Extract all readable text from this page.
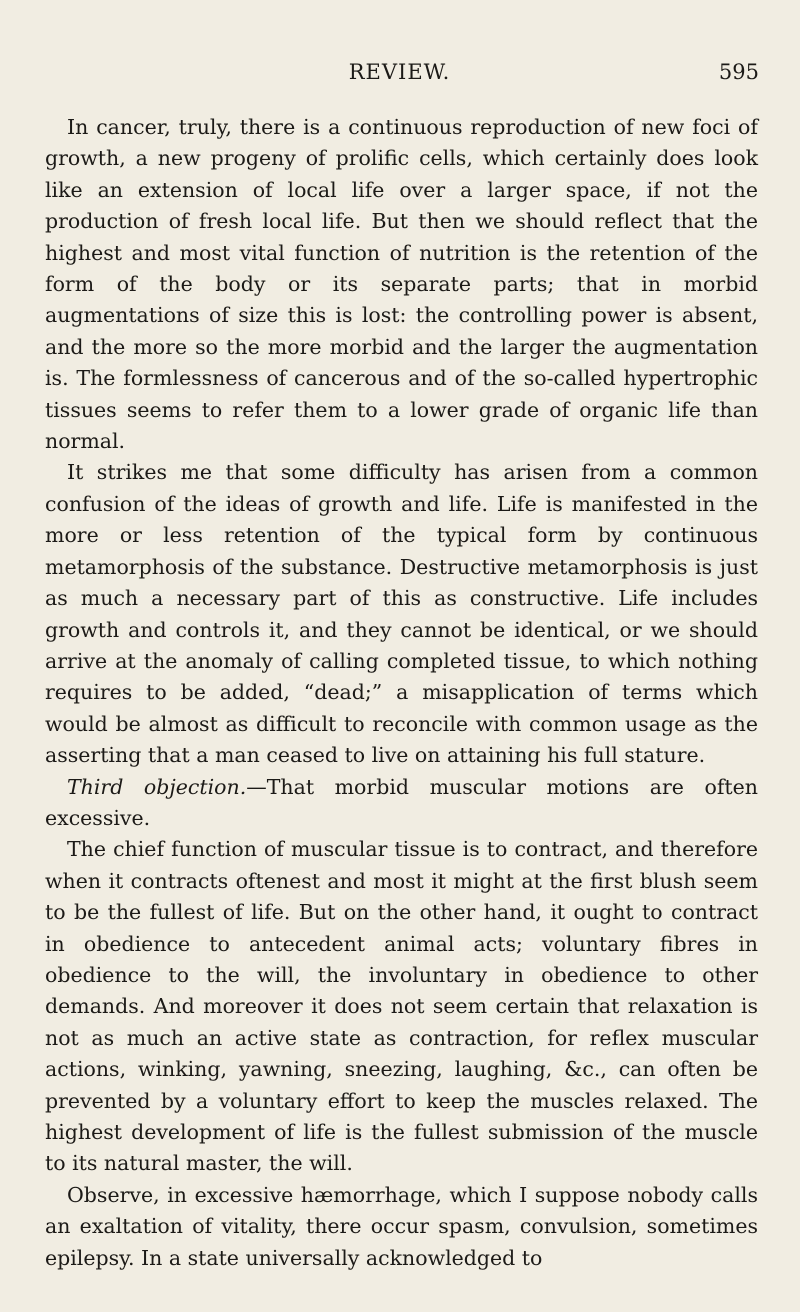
REVIEW.	595

In cancer, truly, there is a continuous reproduction of new foci of growth, a new progeny of prolific cells, which certainly does look like an extension of local life over a larger space, if not the production of fresh local life. But then we should reflect that the highest and most vital function of nutrition is the retention of the form of the body or its separate parts; that in morbid augmentations of size this is lost: the controlling power is absent, and the more so the more morbid and the larger the augmentation is. The formlessness of cancerous and of the so-called hypertrophic tissues seems to refer them to a lower grade of organic life than normal.

It strikes me that some difficulty has arisen from a common confusion of the ideas of growth and life. Life is manifested in the more or less retention of the typical form by continuous metamorphosis of the substance. Destructive metamorphosis is just as much a necessary part of this as constructive. Life includes growth and controls it, and they cannot be identical, or we should arrive at the anomaly of calling completed tissue, to which nothing requires to be added, “dead;” a misapplication of terms which would be almost as difficult to reconcile with common usage as the asserting that a man ceased to live on attaining his full stature.

Third objection.—That morbid muscular motions are often excessive.

The chief function of muscular tissue is to contract, and therefore when it contracts oftenest and most it might at the first blush seem to be the fullest of life. But on the other hand, it ought to contract in obedience to antecedent animal acts; voluntary fibres in obedience to the will, the involuntary in obedience to other demands. And moreover it does not seem certain that relaxation is not as much an active state as contraction, for reflex muscular actions, winking, yawning, sneezing, laughing, &c., can often be prevented by a voluntary effort to keep the muscles relaxed. The highest development of life is the fullest submission of the muscle to its natural master, the will.

Observe, in excessive hæmorrhage, which I suppose nobody calls an exaltation of vitality, there occur spasm, convulsion, sometimes epilepsy. In a state universally acknowledged to
